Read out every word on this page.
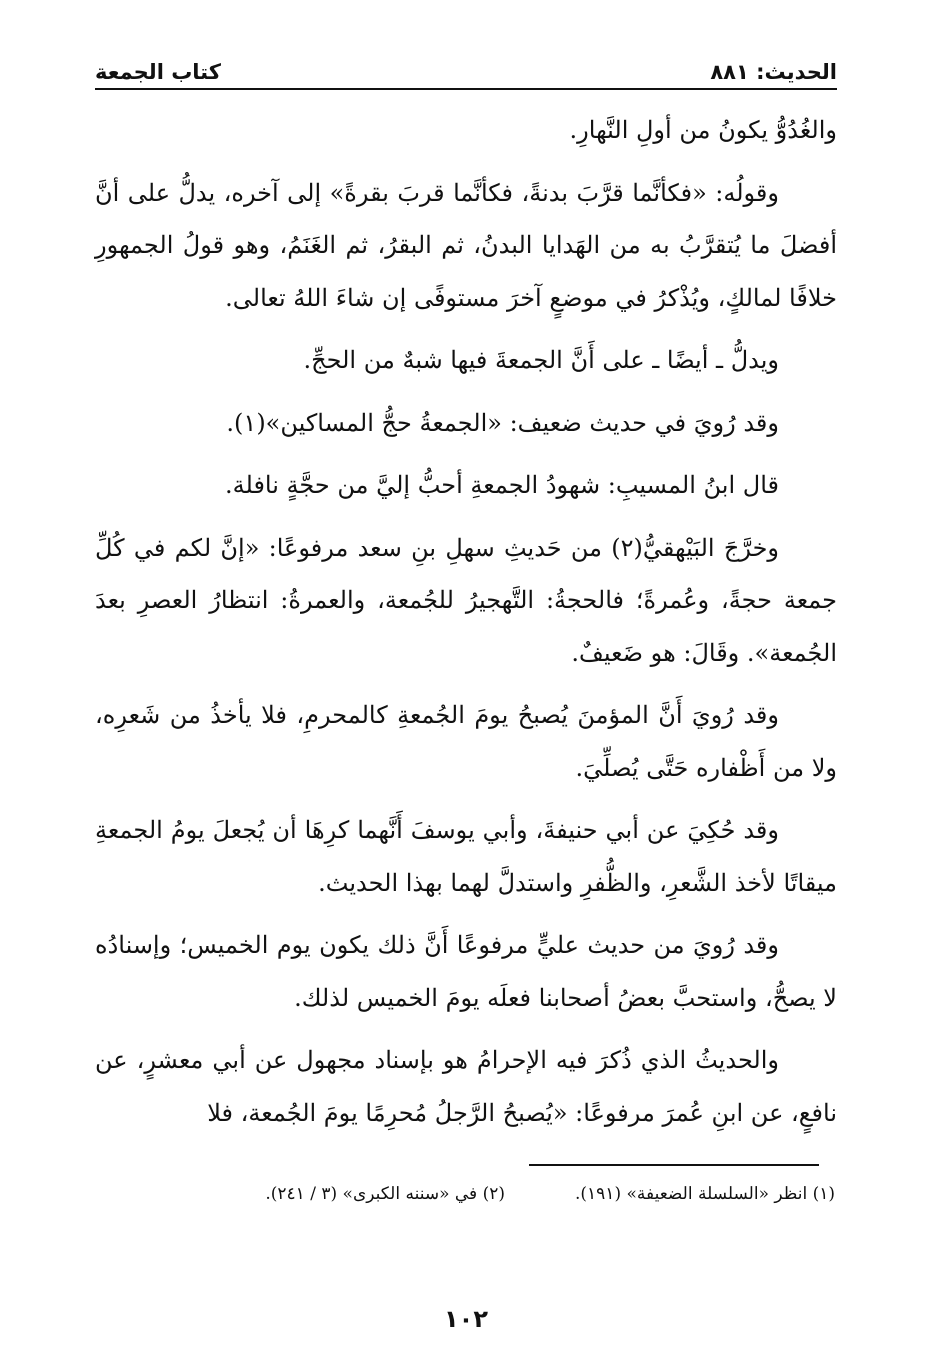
الحديث: ٨٨١
كتاب الجمعة

والغُدُوُّ يكونُ من أولِ النَّهارِ.

وقولُه: «فكأنَّما قرَّبَ بدنةً، فكأنَّما قربَ بقرةً» إلى آخره، يدلُّ على أنَّ أفضلَ ما يُتقرَّبُ به من الهَدايا البدنُ، ثم البقرُ، ثم الغَنَمُ، وهو قولُ الجمهورِ خلافًا لمالكٍ، ويُذْكرُ في موضعٍ آخرَ مستوفًى إن شاءَ اللهُ تعالى.

ويدلُّ ـ أيضًا ـ على أَنَّ الجمعةَ فيها شبهٌ من الحجِّ.

وقد رُويَ في حديث ضعيف: «الجمعةُ حجُّ المساكين»(١).

قال ابنُ المسيبِ: شهودُ الجمعةِ أحبُّ إليَّ من حجَّةٍ نافلة.

وخرَّجَ البَيْهقيُّ(٢) من حَديثِ سهلِ بنِ سعد مرفوعًا: «إنَّ لكم في كُلِّ جمعة حجةً، وعُمرةً؛ فالحجةُ: التَّهجيرُ للجُمعة، والعمرةُ: انتظارُ العصرِ بعدَ الجُمعة». وقَالَ: هو ضَعيفٌ.

وقد رُويَ أَنَّ المؤمنَ يُصبحُ يومَ الجُمعةِ كالمحرمِ، فلا يأخذُ من شَعرِه، ولا من أَظْفاره حَتَّى يُصلِّيَ.

وقد حُكِيَ عن أبي حنيفةَ، وأبي يوسفَ أَنَّهما كرِهَا أن يُجعلَ يومُ الجمعةِ ميقاتًا لأخذ الشَّعرِ، والظُّفرِ واستدلَّ لهما بهذا الحديث.

وقد رُويَ من حديث عليٍّ مرفوعًا أَنَّ ذلك يكون يوم الخميس؛ وإسنادُه لا يصحُّ، واستحبَّ بعضُ أصحابنا فعلَه يومَ الخميس لذلك.

والحديثُ الذي ذُكرَ فيه الإحرامُ هو بإسناد مجهول عن أبي معشرٍ، عن نافعٍ، عن ابنِ عُمرَ مرفوعًا: «يُصبحُ الرَّجلُ مُحرِمًا يومَ الجُمعة، فلا

(١) انظر «السلسلة الضعيفة» (١٩١).
(٢) في «سننه الكبرى» (٣ / ٢٤١).
١٠٢
